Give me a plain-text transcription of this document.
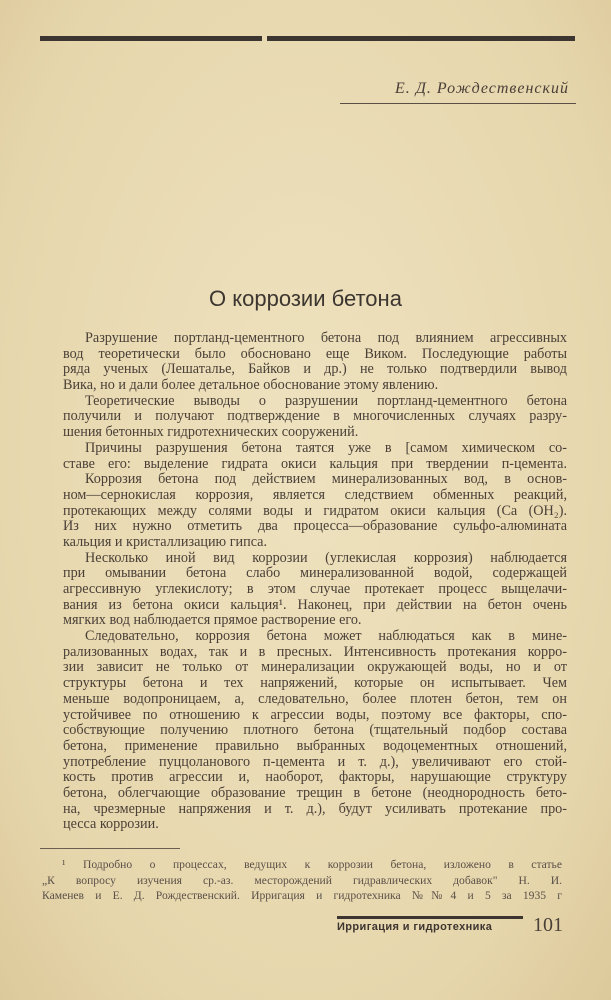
Е. Д. Рождественский
О коррозии бетона
Разрушение портланд-цементного бетона под влиянием агрессивных
вод теоретически было обосновано еще Виком. Последующие работы
ряда ученых (Лешаталье, Байков и др.) не только подтвердили вывод
Вика, но и дали более детальное обоснование этому явлению.
Теоретические выводы о разрушении портланд-цементного бетона
получили и получают подтверждение в многочисленных случаях разру-
шения бетонных гидротехнических сооружений.
Причины разрушения бетона таятся уже в [самом химическом со-
ставе его: выделение гидрата окиси кальция при твердении п-цемента.
Коррозия бетона под действием минерализованных вод, в основ-
ном—сернокислая коррозия, является следствием обменных реакций,
протекающих между солями воды и гидратом окиси кальция (Са (ОН₂).
Из них нужно отметить два процесса—образование сульфо-алюмината
кальция и кристаллизацию гипса.
Несколько иной вид коррозии (углекислая коррозия) наблюдается
при омывании бетона слабо минерализованной водой, содержащей
агрессивную углекислоту; в этом случае протекает процесс выщелачи-
вания из бетона окиси кальция¹. Наконец, при действии на бетон очень
мягких вод наблюдается прямое растворение его.
Следовательно, коррозия бетона может наблюдаться как в мине-
рализованных водах, так и в пресных. Интенсивность протекания корро-
зии зависит не только от минерализации окружающей воды, но и от
структуры бетона и тех напряжений, которые он испытывает. Чем
меньше водопроницаем, а, следовательно, более плотен бетон, тем он
устойчивее по отношению к агрессии воды, поэтому все факторы, спо-
собствующие получению плотного бетона (тщательный подбор состава
бетона, применение правильно выбранных водоцементных отношений,
употребление пуццоланового п-цемента и т. д.), увеличивают его стой-
кость против агрессии и, наоборот, факторы, нарушающие структуру
бетона, облегчающие образование трещин в бетоне (неоднородность бето-
на, чрезмерные напряжения и т. д.), будут усиливать протекание про-
цесса коррозии.
¹ Подробно о процессах, ведущих к коррозии бетона, изложено в статье
„К вопросу изучения ср.-аз. месторождений гидравлических добавок" Н. И.
Каменев и Е. Д. Рождественский. Ирригация и гидротехника №№4 и 5 за 1935 г
Ирригация и гидротехника 101
